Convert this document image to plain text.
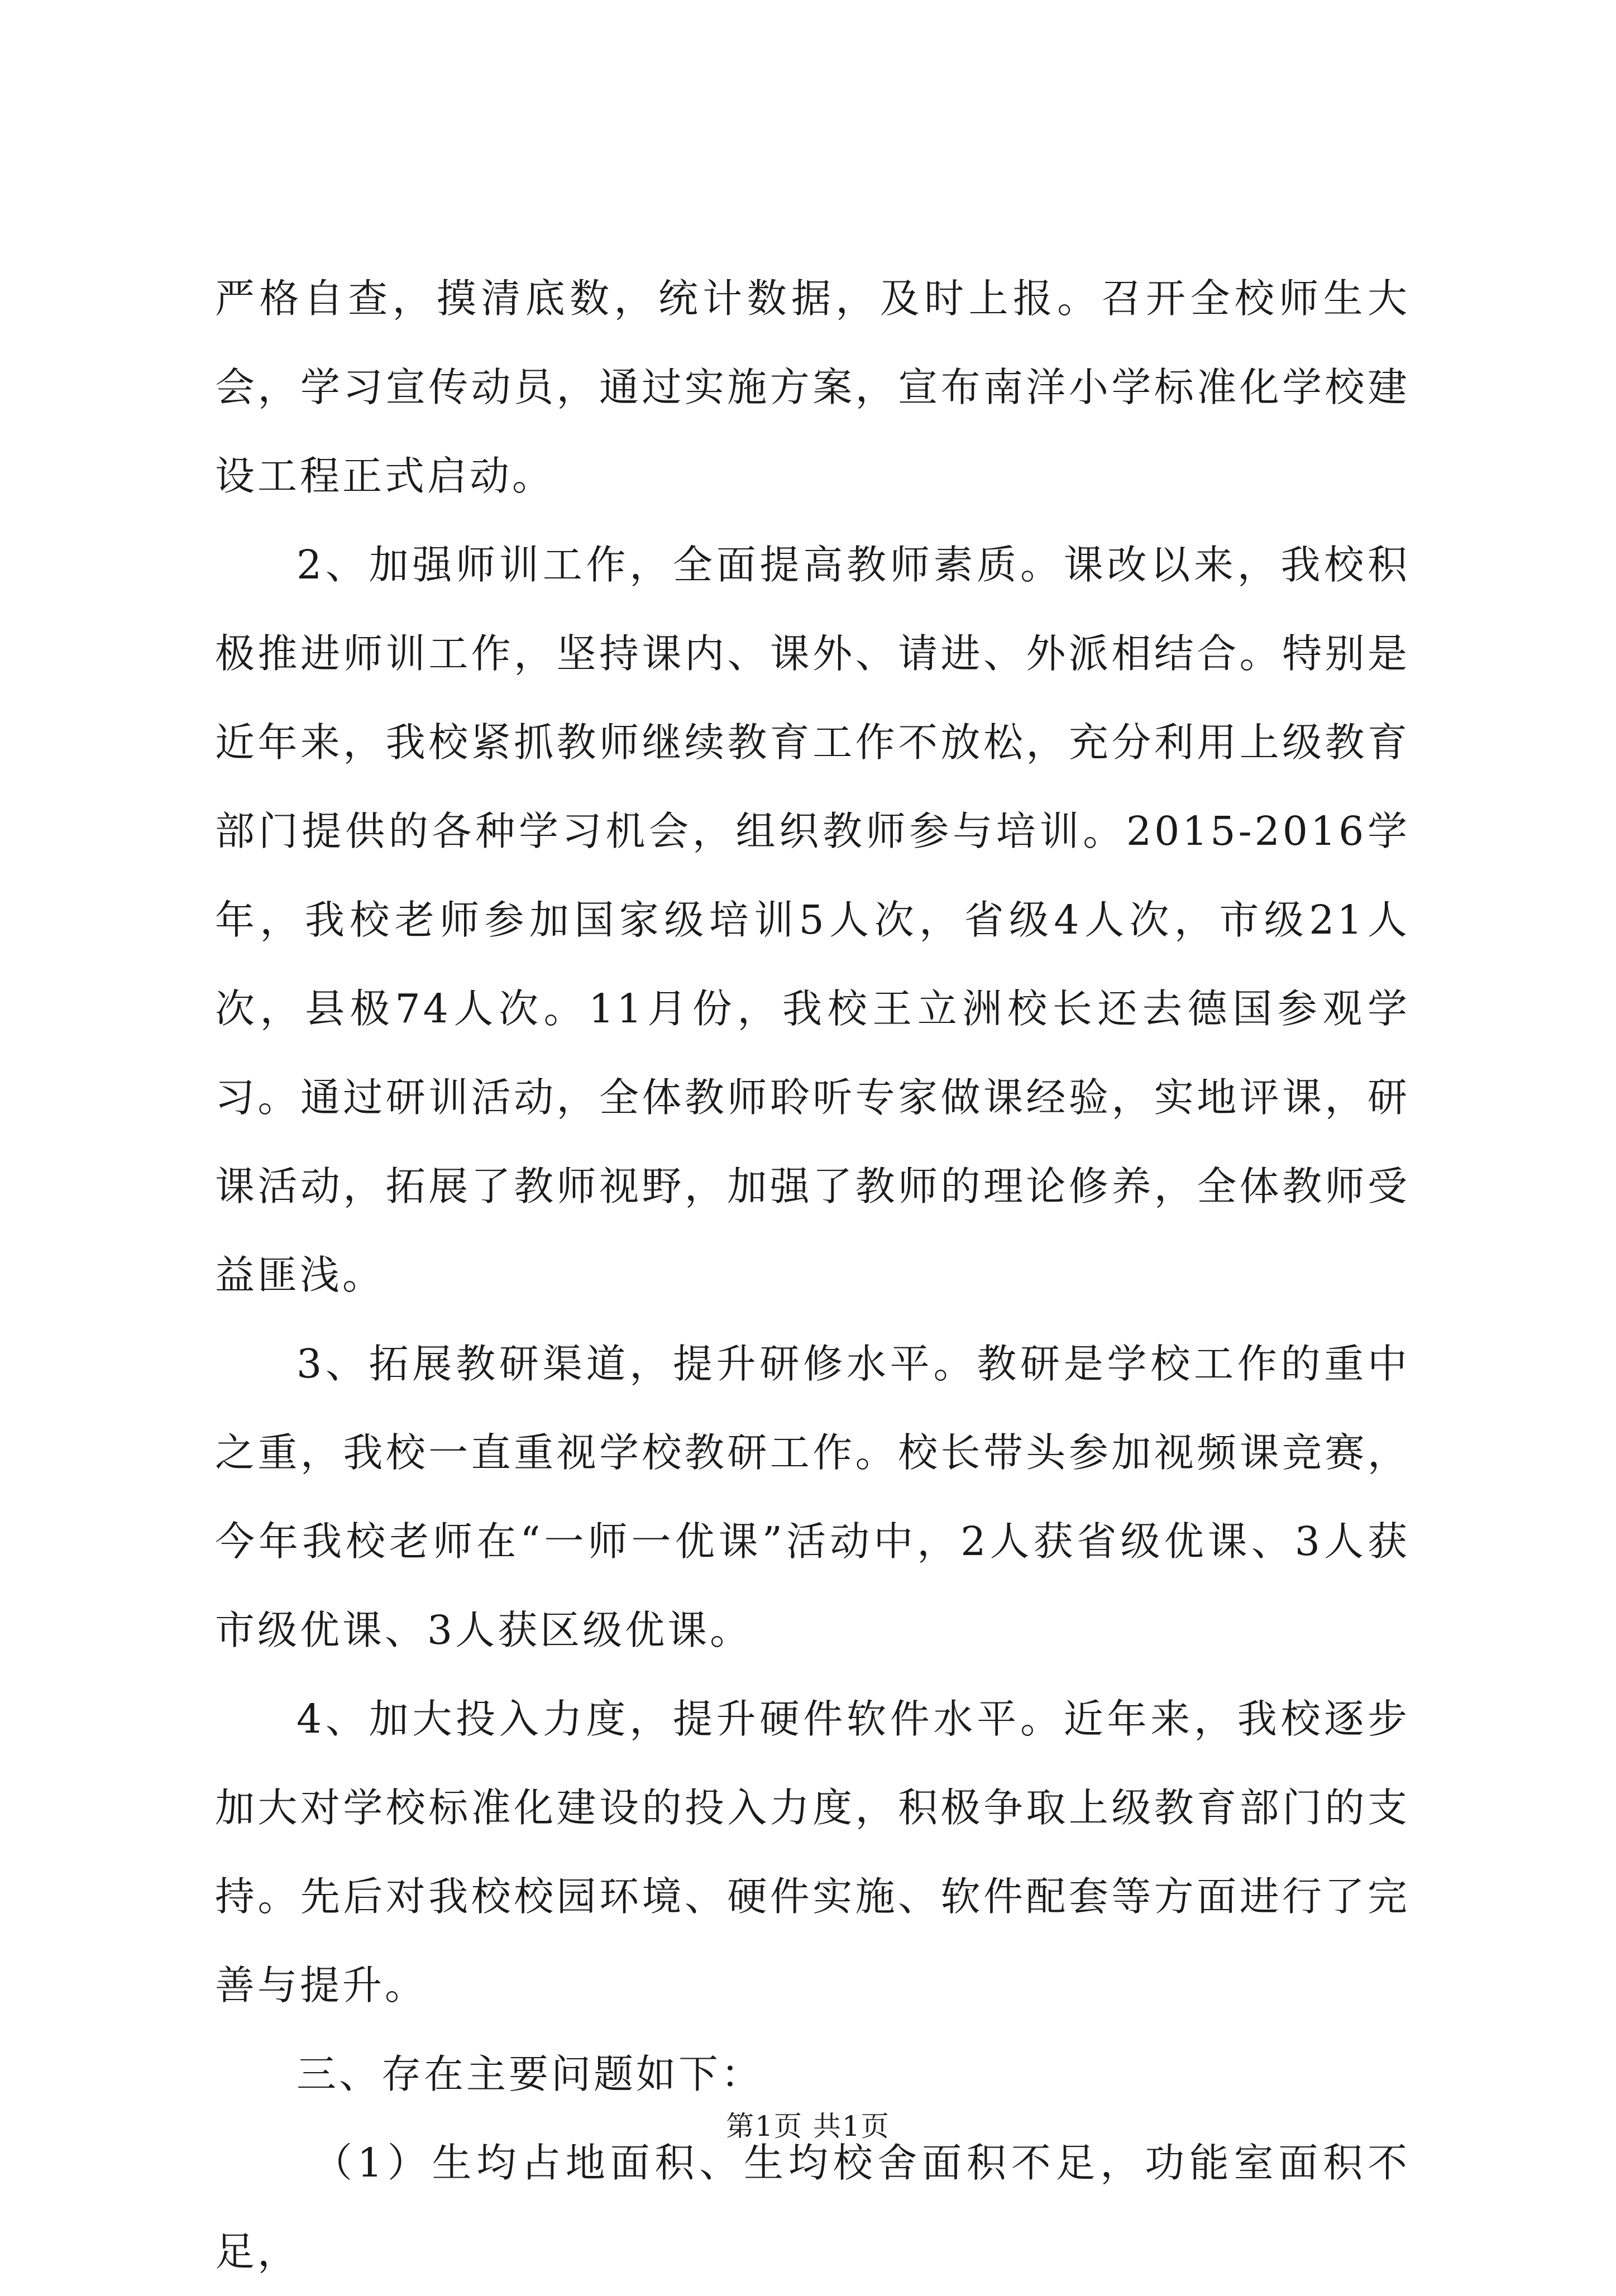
严格自查，摸清底数，统计数据，及时上报。召开全校师生大会，学习宣传动员，通过实施方案，宣布南洋小学标准化学校建设工程正式启动。

2、加强师训工作，全面提高教师素质。课改以来，我校积极推进师训工作，坚持课内、课外、请进、外派相结合。特别是近年来，我校紧抓教师继续教育工作不放松，充分利用上级教育部门提供的各种学习机会，组织教师参与培训。2015-2016学年，我校老师参加国家级培训5人次，省级4人次，市级21人次，县极74人次。11月份，我校王立洲校长还去德国参观学习。通过研训活动，全体教师聆听专家做课经验，实地评课，研课活动，拓展了教师视野，加强了教师的理论修养，全体教师受益匪浅。

3、拓展教研渠道，提升研修水平。教研是学校工作的重中之重，我校一直重视学校教研工作。校长带头参加视频课竞赛，今年我校老师在“一师一优课”活动中，2人获省级优课、3人获市级优课、3人获区级优课。

4、加大投入力度，提升硬件软件水平。近年来，我校逐步加大对学校标准化建设的投入力度，积极争取上级教育部门的支持。先后对我校校园环境、硬件实施、软件配套等方面进行了完善与提升。

三、存在主要问题如下：

（1）生均占地面积、生均校舍面积不足，功能室面积不足，

第1页 共1页
